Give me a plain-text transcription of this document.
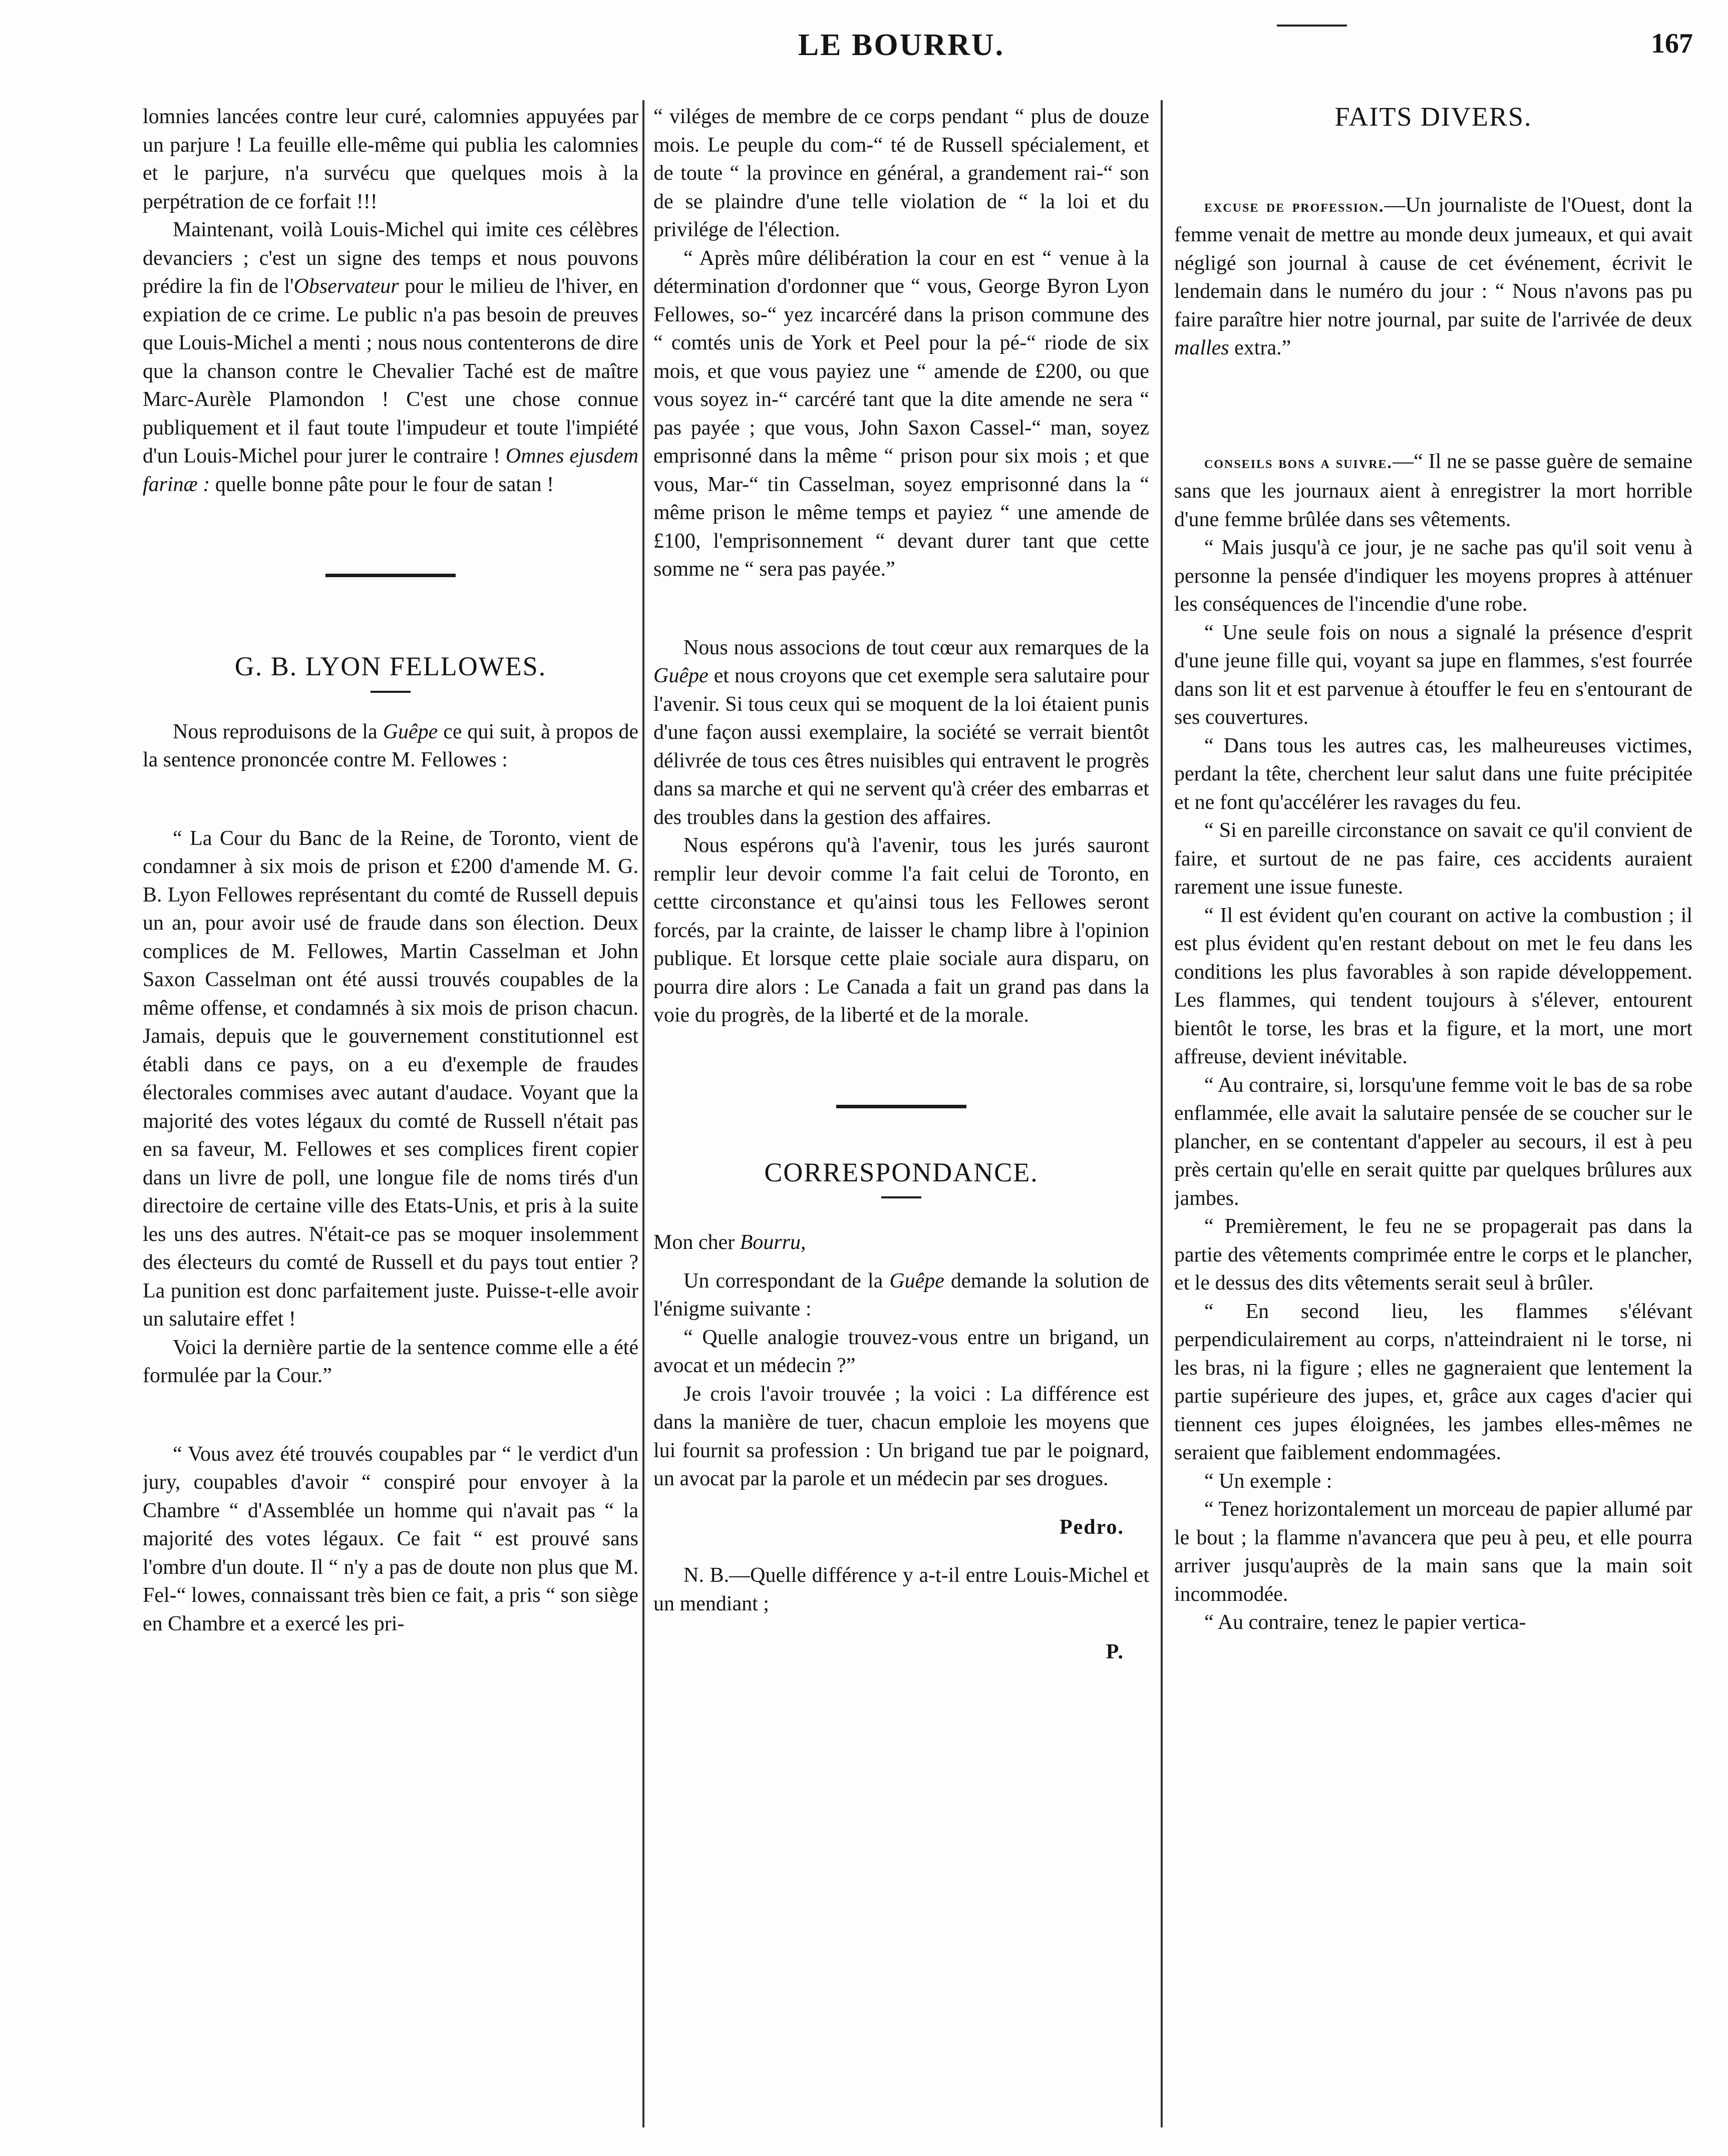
LE BOURRU.	167

lomnies lancées contre leur curé, calomnies appuyées par un parjure ! La feuille elle-même qui publia les calomnies et le parjure, n'a survécu que quelques mois à la perpétration de ce forfait !!!

Maintenant, voilà Louis-Michel qui imite ces célèbres devanciers ; c'est un signe des temps et nous pouvons prédire la fin de l'Observateur pour le milieu de l'hiver, en expiation de ce crime. Le public n'a pas besoin de preuves que Louis-Michel a menti ; nous nous contenterons de dire que la chanson contre le Chevalier Taché est de maître Marc-Aurèle Plamondon ! C'est une chose connue publiquement et il faut toute l'impudeur et toute l'impiété d'un Louis-Michel pour jurer le contraire ! Omnes ejusdem farinæ : quelle bonne pâte pour le four de satan !

G. B. LYON FELLOWES.

Nous reproduisons de la Guêpe ce qui suit, à propos de la sentence prononcée contre M. Fellowes :

“ La Cour du Banc de la Reine, de Toronto, vient de condamner à six mois de prison et £200 d'amende M. G. B. Lyon Fellowes représentant du comté de Russell depuis un an, pour avoir usé de fraude dans son élection. Deux complices de M. Fellowes, Martin Casselman et John Saxon Casselman ont été aussi trouvés coupables de la même offense, et condamnés à six mois de prison chacun. Jamais, depuis que le gouvernement constitutionnel est établi dans ce pays, on a eu d'exemple de fraudes électorales commises avec autant d'audace. Voyant que la majorité des votes légaux du comté de Russell n'était pas en sa faveur, M. Fellowes et ses complices firent copier dans un livre de poll, une longue file de noms tirés d'un directoire de certaine ville des Etats-Unis, et pris à la suite les uns des autres. N'était-ce pas se moquer insolemment des électeurs du comté de Russell et du pays tout entier ? La punition est donc parfaitement juste. Puisse-t-elle avoir un salutaire effet !

Voici la dernière partie de la sentence comme elle a été formulée par la Cour.”

“ Vous avez été trouvés coupables par “ le verdict d'un jury, coupables d'avoir “ conspiré pour envoyer à la Chambre “ d'Assemblée un homme qui n'avait pas “ la majorité des votes légaux. Ce fait “ est prouvé sans l'ombre d'un doute. Il “ n'y a pas de doute non plus que M. Fel-“ lowes, connaissant très bien ce fait, a pris “ son siège en Chambre et a exercé les pri-

“ viléges de membre de ce corps pendant “ plus de douze mois. Le peuple du com-“ té de Russell spécialement, et de toute “ la province en général, a grandement rai-“ son de se plaindre d'une telle violation de “ la loi et du privilége de l'élection.

“ Après mûre délibération la cour en est “ venue à la détermination d'ordonner que “ vous, George Byron Lyon Fellowes, so-“ yez incarcéré dans la prison commune des “ comtés unis de York et Peel pour la pé-“ riode de six mois, et que vous payiez une “ amende de £200, ou que vous soyez in-“ carcéré tant que la dite amende ne sera “ pas payée ; que vous, John Saxon Cassel-“ man, soyez emprisonné dans la même “ prison pour six mois ; et que vous, Mar-“ tin Casselman, soyez emprisonné dans la “ même prison le même temps et payiez “ une amende de £100, l'emprisonnement “ devant durer tant que cette somme ne “ sera pas payée.”

Nous nous associons de tout cœur aux remarques de la Guêpe et nous croyons que cet exemple sera salutaire pour l'avenir. Si tous ceux qui se moquent de la loi étaient punis d'une façon aussi exemplaire, la société se verrait bientôt délivrée de tous ces êtres nuisibles qui entravent le progrès dans sa marche et qui ne servent qu'à créer des embarras et des troubles dans la gestion des affaires.

Nous espérons qu'à l'avenir, tous les jurés sauront remplir leur devoir comme l'a fait celui de Toronto, en cettte circonstance et qu'ainsi tous les Fellowes seront forcés, par la crainte, de laisser le champ libre à l'opinion publique. Et lorsque cette plaie sociale aura disparu, on pourra dire alors : Le Canada a fait un grand pas dans la voie du progrès, de la liberté et de la morale.

CORRESPONDANCE.

Mon cher Bourru,

Un correspondant de la Guêpe demande la solution de l'énigme suivante :

“ Quelle analogie trouvez-vous entre un brigand, un avocat et un médecin ?”

Je crois l'avoir trouvée ; la voici : La différence est dans la manière de tuer, chacun emploie les moyens que lui fournit sa profession : Un brigand tue par le poignard, un avocat par la parole et un médecin par ses drogues.

Pedro.

N. B.—Quelle différence y a-t-il entre Louis-Michel et un mendiant ;

P.

FAITS DIVERS.

excuse de profession.—Un journaliste de l'Ouest, dont la femme venait de mettre au monde deux jumeaux, et qui avait négligé son journal à cause de cet événement, écrivit le lendemain dans le numéro du jour : “ Nous n'avons pas pu faire paraître hier notre journal, par suite de l'arrivée de deux malles extra.”

conseils bons a suivre.—“ Il ne se passe guère de semaine sans que les journaux aient à enregistrer la mort horrible d'une femme brûlée dans ses vêtements.

“ Mais jusqu'à ce jour, je ne sache pas qu'il soit venu à personne la pensée d'indiquer les moyens propres à atténuer les conséquences de l'incendie d'une robe.

“ Une seule fois on nous a signalé la présence d'esprit d'une jeune fille qui, voyant sa jupe en flammes, s'est fourrée dans son lit et est parvenue à étouffer le feu en s'entourant de ses couvertures.

“ Dans tous les autres cas, les malheureuses victimes, perdant la tête, cherchent leur salut dans une fuite précipitée et ne font qu'accélérer les ravages du feu.

“ Si en pareille circonstance on savait ce qu'il convient de faire, et surtout de ne pas faire, ces accidents auraient rarement une issue funeste.

“ Il est évident qu'en courant on active la combustion ; il est plus évident qu'en restant debout on met le feu dans les conditions les plus favorables à son rapide développement. Les flammes, qui tendent toujours à s'élever, entourent bientôt le torse, les bras et la figure, et la mort, une mort affreuse, devient inévitable.

“ Au contraire, si, lorsqu'une femme voit le bas de sa robe enflammée, elle avait la salutaire pensée de se coucher sur le plancher, en se contentant d'appeler au secours, il est à peu près certain qu'elle en serait quitte par quelques brûlures aux jambes.

“ Premièrement, le feu ne se propagerait pas dans la partie des vêtements comprimée entre le corps et le plancher, et le dessus des dits vêtements serait seul à brûler.

“ En second lieu, les flammes s'élévant perpendiculairement au corps, n'atteindraient ni le torse, ni les bras, ni la figure ; elles ne gagneraient que lentement la partie supérieure des jupes, et, grâce aux cages d'acier qui tiennent ces jupes éloignées, les jambes elles-mêmes ne seraient que faiblement endommagées.

“ Un exemple :

“ Tenez horizontalement un morceau de papier allumé par le bout ; la flamme n'avancera que peu à peu, et elle pourra arriver jusqu'auprès de la main sans que la main soit incommodée.

“ Au contraire, tenez le papier vertica-
